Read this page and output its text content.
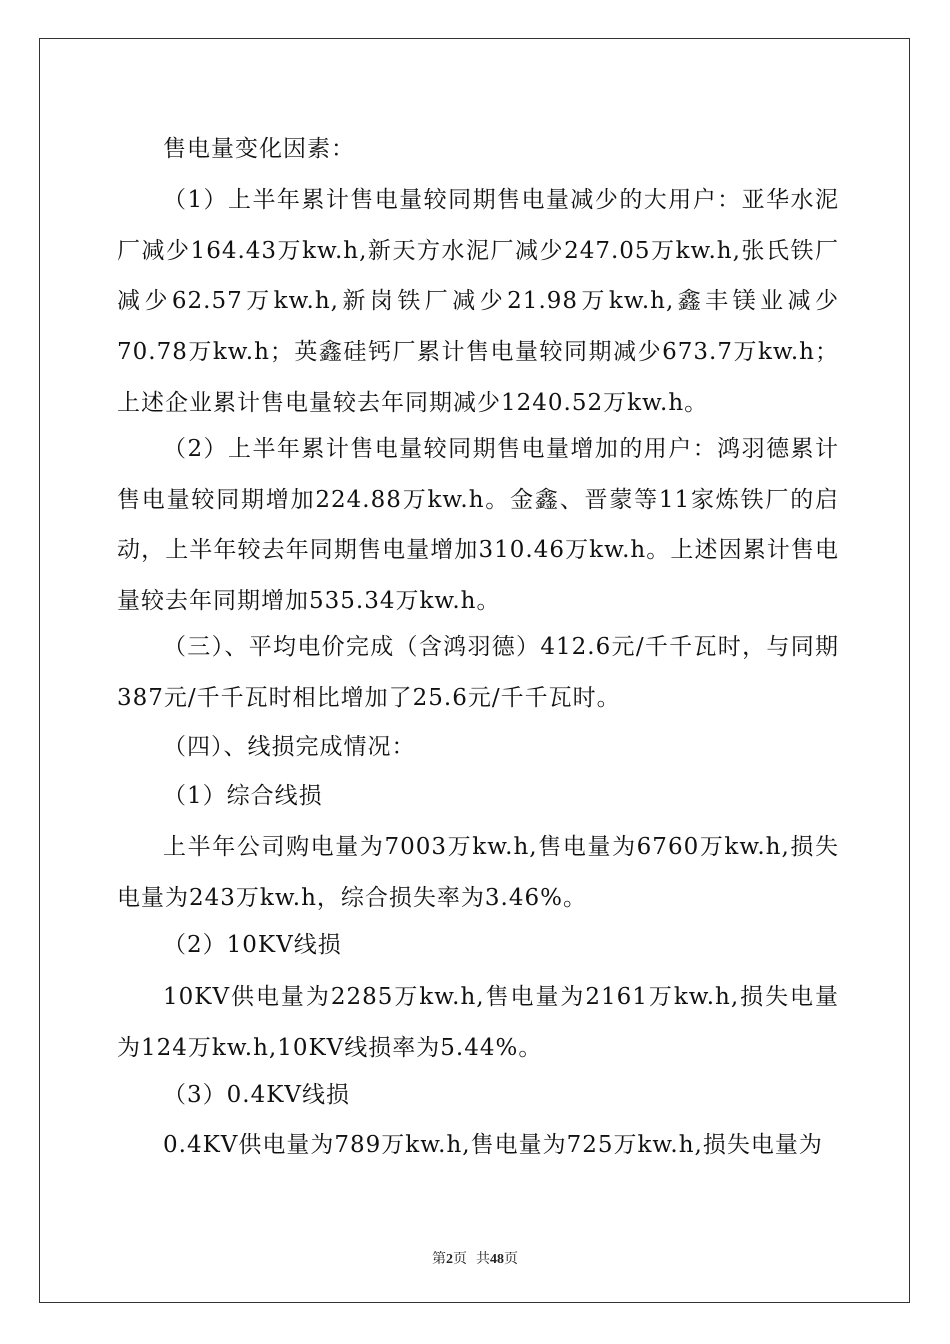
售电量变化因素：

（1）上半年累计售电量较同期售电量减少的大用户：亚华水泥厂减少164.43万kw.h,新天方水泥厂减少247.05万kw.h,张氏铁厂减少62.57万kw.h,新岗铁厂减少21.98万kw.h,鑫丰镁业减少70.78万kw.h；英鑫硅钙厂累计售电量较同期减少673.7万kw.h；上述企业累计售电量较去年同期减少1240.52万kw.h。

（2）上半年累计售电量较同期售电量增加的用户：鸿羽德累计售电量较同期增加224.88万kw.h。金鑫、晋蒙等11家炼铁厂的启动，上半年较去年同期售电量增加310.46万kw.h。上述因累计售电量较去年同期增加535.34万kw.h。

（三）、平均电价完成（含鸿羽德）412.6元/千千瓦时，与同期387元/千千瓦时相比增加了25.6元/千千瓦时。

（四）、线损完成情况：

（1）综合线损

上半年公司购电量为7003万kw.h,售电量为6760万kw.h,损失电量为243万kw.h，综合损失率为3.46%。

（2）10KV线损

10KV供电量为2285万kw.h,售电量为2161万kw.h,损失电量为124万kw.h,10KV线损率为5.44%。

（3）0.4KV线损

0.4KV供电量为789万kw.h,售电量为725万kw.h,损失电量为

第2页  共48页
